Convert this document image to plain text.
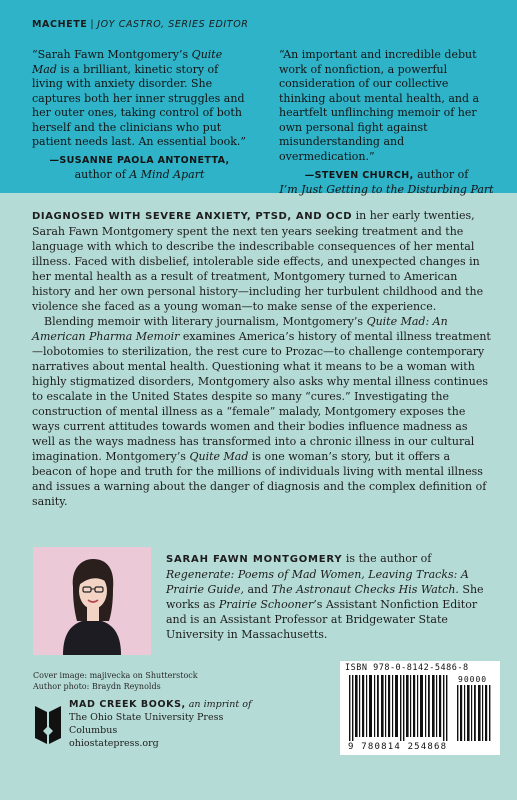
MACHETE | JOY CASTRO, SERIES EDITOR
“Sarah Fawn Montgomery’s Quite Mad is a brilliant, kinetic story of living with anxiety disorder. She captures both her inner struggles and her outer ones, taking control of both herself and the clinicians who put patient needs last. An essential book.”
—SUSANNE PAOLA ANTONETTA,
author of A Mind Apart
“An important and incredible debut work of nonfiction, a powerful consideration of our collective thinking about mental health, and a heartfelt unflinching memoir of her own personal fight against misunderstanding and overmedication.”
—STEVEN CHURCH, author of
I’m Just Getting to the Disturbing Part

DIAGNOSED WITH SEVERE ANXIETY, PTSD, AND OCD in her early twenties, Sarah Fawn Montgomery spent the next ten years seeking treatment and the language with which to describe the indescribable consequences of her mental illness. Faced with disbelief, intolerable side effects, and unexpected changes in her mental health as a result of treatment, Montgomery turned to American history and her own personal history—including her turbulent childhood and the violence she faced as a young woman—to make sense of the experience.

Blending memoir with literary journalism, Montgomery’s Quite Mad: An American Pharma Memoir examines America’s history of mental illness treatment—lobotomies to sterilization, the rest cure to Prozac—to challenge contemporary narratives about mental health. Questioning what it means to be a woman with highly stigmatized disorders, Montgomery also asks why mental illness continues to escalate in the United States despite so many “cures.” Investigating the construction of mental illness as a “female” malady, Montgomery exposes the ways current attitudes towards women and their bodies influence madness as well as the ways madness has transformed into a chronic illness in our cultural imagination. Montgomery’s Quite Mad is one woman’s story, but it offers a beacon of hope and truth for the millions of individuals living with mental illness and issues a warning about the danger of diagnosis and the complex definition of sanity.

SARAH FAWN MONTGOMERY is the author of Regenerate: Poems of Mad Women, Leaving Tracks: A Prairie Guide, and The Astronaut Checks His Watch. She works as Prairie Schooner’s Assistant Nonfiction Editor and is an Assistant Professor at Bridgewater State University in Massachusetts.
Cover image: majivecka on Shutterstock
Author photo: Braydn Reynolds
MAD CREEK BOOKS, an imprint of
The Ohio State University Press
Columbus
ohiostatepress.org
ISBN 978-0-8142-5486-8
90000
9 780814 254868
